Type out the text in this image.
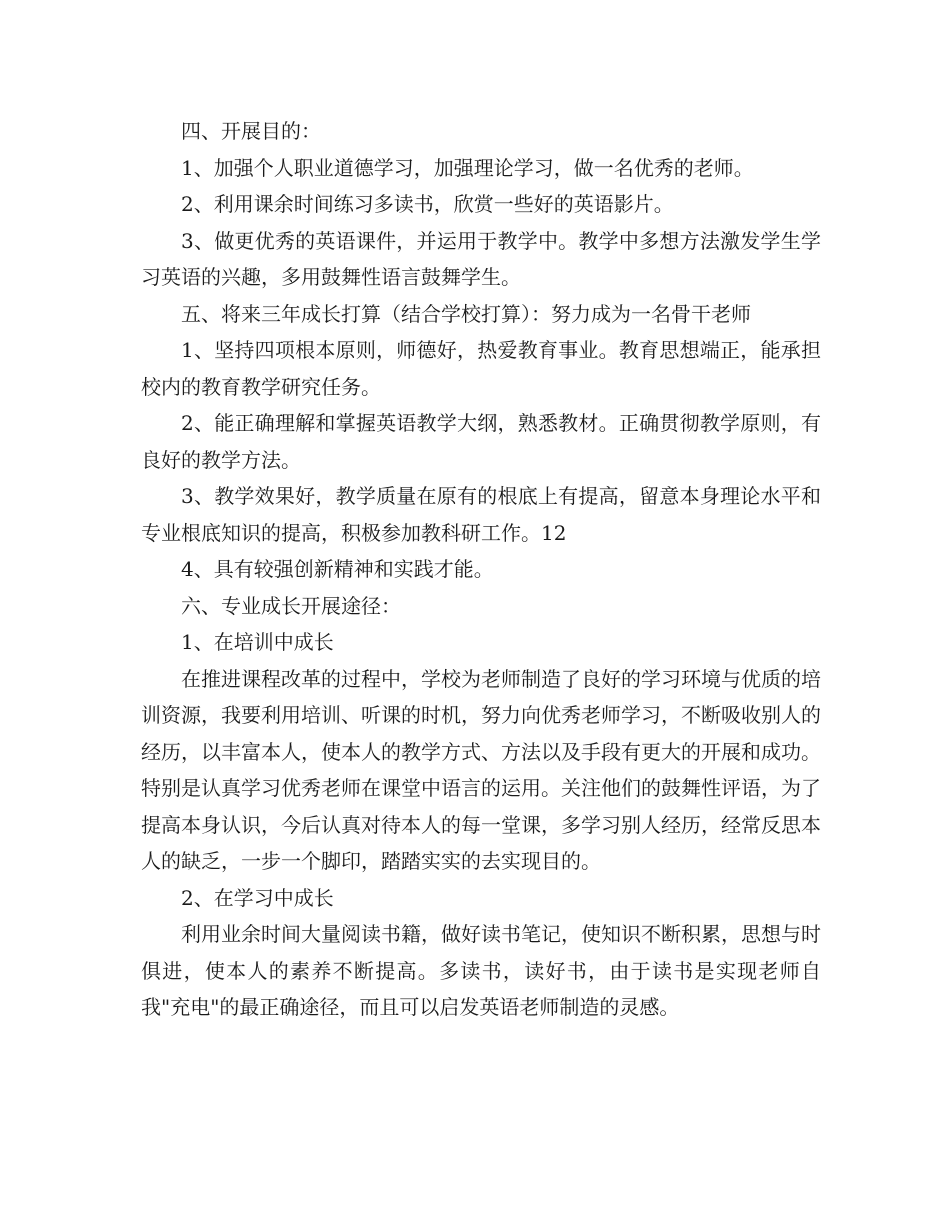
四、开展目的：

1、加强个人职业道德学习，加强理论学习，做一名优秀的老师。

2、利用课余时间练习多读书，欣赏一些好的英语影片。

3、做更优秀的英语课件，并运用于教学中。教学中多想方法激发学生学习英语的兴趣，多用鼓舞性语言鼓舞学生。

五、将来三年成长打算（结合学校打算）：努力成为一名骨干老师

1、坚持四项根本原则，师德好，热爱教育事业。教育思想端正，能承担校内的教育教学研究任务。

2、能正确理解和掌握英语教学大纲，熟悉教材。正确贯彻教学原则，有良好的教学方法。

3、教学效果好，教学质量在原有的根底上有提高，留意本身理论水平和专业根底知识的提高，积极参加教科研工作。12

4、具有较强创新精神和实践才能。

六、专业成长开展途径：

1、在培训中成长

在推进课程改革的过程中，学校为老师制造了良好的学习环境与优质的培训资源，我要利用培训、听课的时机，努力向优秀老师学习，不断吸收别人的经历，以丰富本人，使本人的教学方式、方法以及手段有更大的开展和成功。特别是认真学习优秀老师在课堂中语言的运用。关注他们的鼓舞性评语，为了提高本身认识，今后认真对待本人的每一堂课，多学习别人经历，经常反思本人的缺乏，一步一个脚印，踏踏实实的去实现目的。

2、在学习中成长

利用业余时间大量阅读书籍，做好读书笔记，使知识不断积累，思想与时俱进，使本人的素养不断提高。多读书，读好书，由于读书是实现老师自我"充电"的最正确途径，而且可以启发英语老师制造的灵感。
